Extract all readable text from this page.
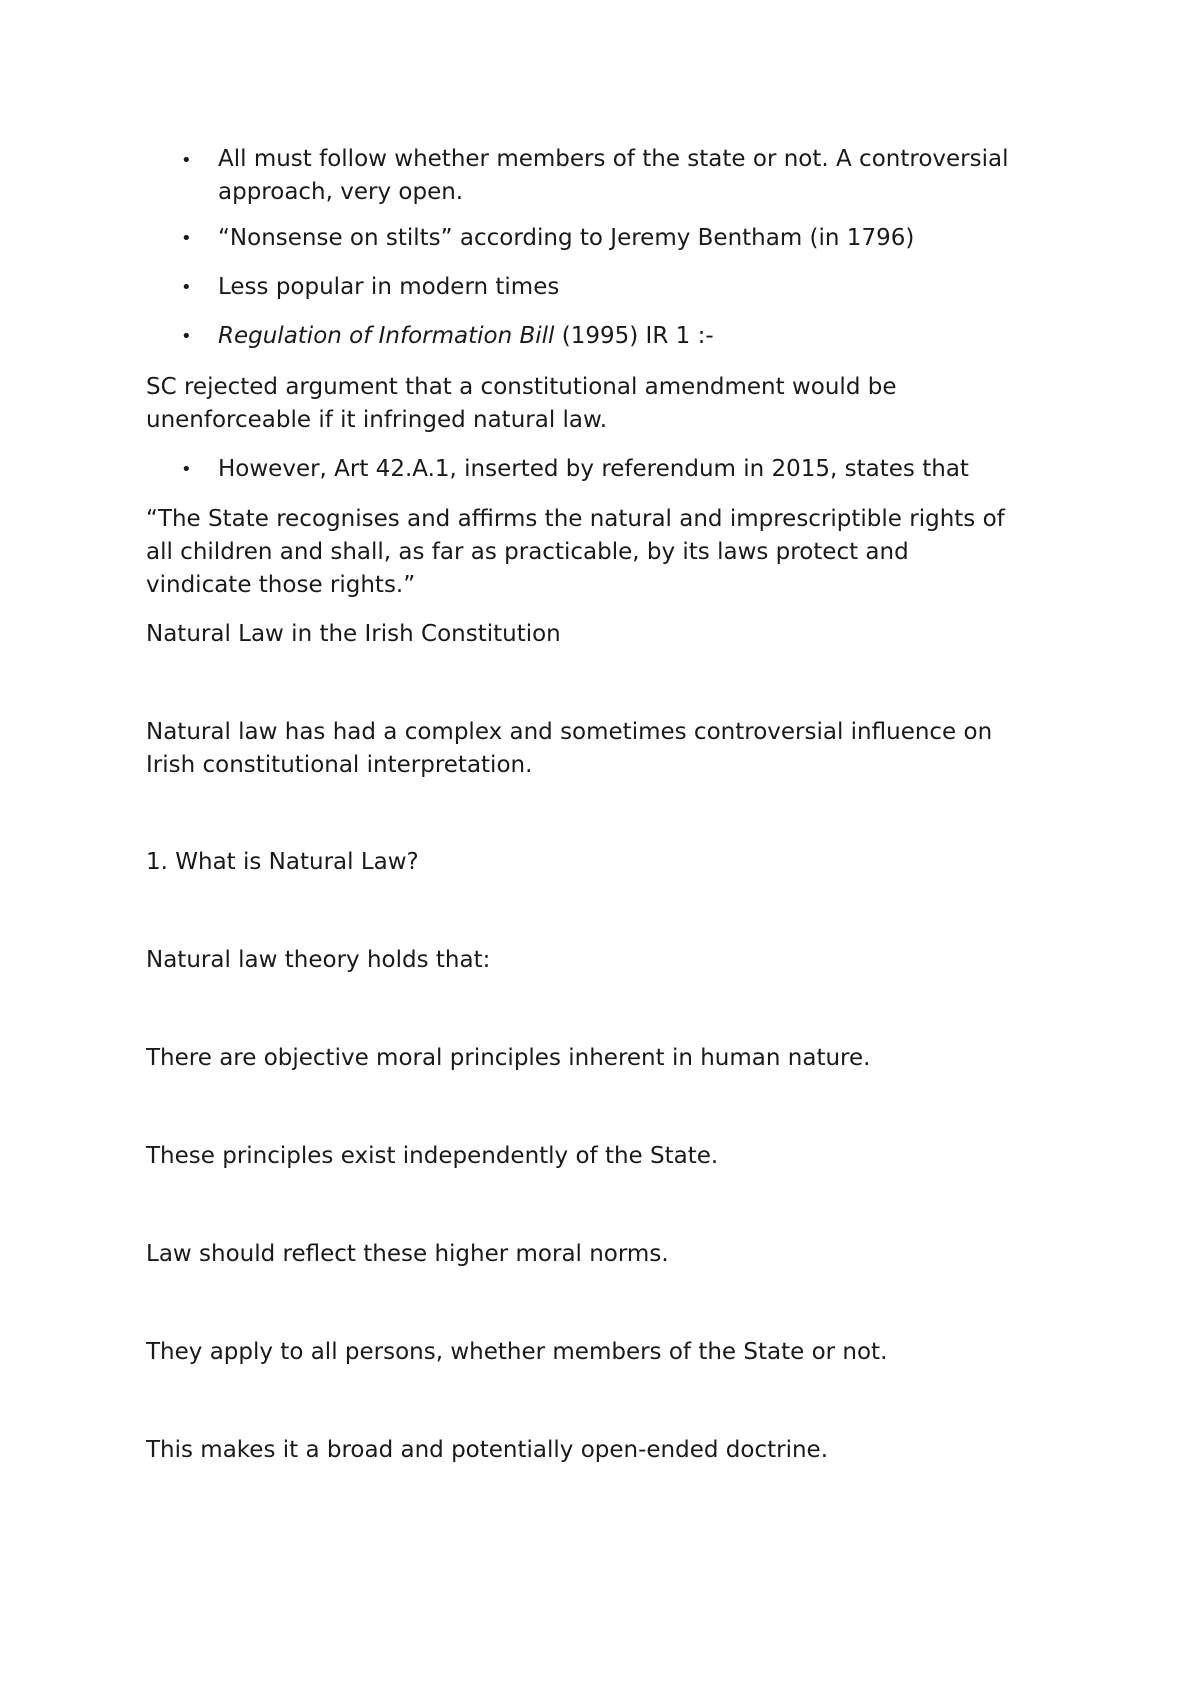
• All must follow whether members of the state or not. A controversial
approach, very open.
• “Nonsense on stilts” according to Jeremy Bentham (in 1796)
• Less popular in modern times
• Regulation of Information Bill (1995) IR 1 :-
SC rejected argument that a constitutional amendment would be
unenforceable if it infringed natural law.
• However, Art 42.A.1, inserted by referendum in 2015, states that
“The State recognises and affirms the natural and imprescriptible rights of
all children and shall, as far as practicable, by its laws protect and
vindicate those rights.”
Natural Law in the Irish Constitution
Natural law has had a complex and sometimes controversial influence on
Irish constitutional interpretation.
1. What is Natural Law?
Natural law theory holds that:
There are objective moral principles inherent in human nature.
These principles exist independently of the State.
Law should reflect these higher moral norms.
They apply to all persons, whether members of the State or not.
This makes it a broad and potentially open-ended doctrine.
